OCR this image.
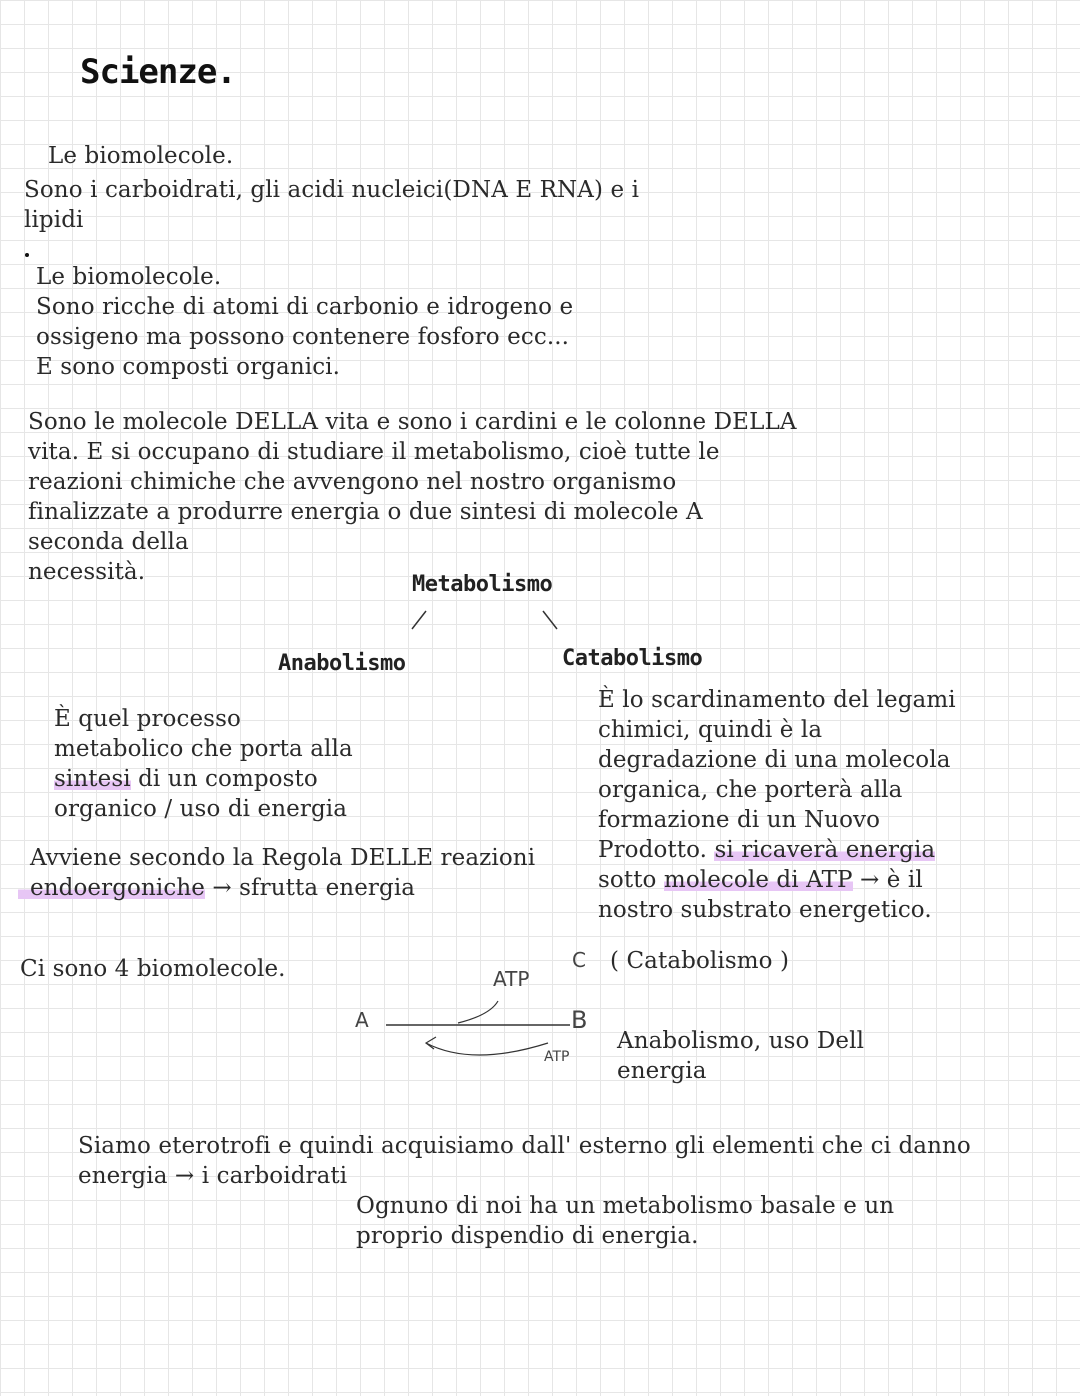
Scienze.

Le biomolecole.

Sono i carboidrati, gli acidi nucleici(DNA E RNA) e i

lipidi

Le biomolecole.
Sono ricche di atomi di carbonio e idrogeno e
ossigeno ma possono contenere fosforo ecc...
E sono composti organici.
Sono le molecole DELLA vita e sono i cardini e le colonne DELLA
vita. E si occupano di studiare il metabolismo, cioè tutte le
reazioni chimiche che avvengono nel nostro organismo
finalizzate a produrre energia o due sintesi di molecole A
seconda della
necessità.	Metabolismo
Anabolismo	Catabolismo
È quel processo
metabolico che porta alla
sintesi di un composto
organico / uso di energia

Avviene secondo la Regola DELLE reazioni

endoergoniche → sfrutta energia

È lo scardinamento del legami
chimici, quindi è la
degradazione di una molecola
organica, che porterà alla
formazione di un Nuovo
Prodotto. si ricaverà energia
sotto molecole di ATP → è il
nostro substrato energetico.

Ci sono 4 biomolecole.

A
ATP
B
C
ATP

( Catabolismo )

Anabolismo, uso Dell

energia

Siamo eterotrofi e quindi acquisiamo dall' esterno gli elementi che ci danno

energia → i carboidrati

Ognuno di noi ha un metabolismo basale e un

proprio dispendio di energia.
